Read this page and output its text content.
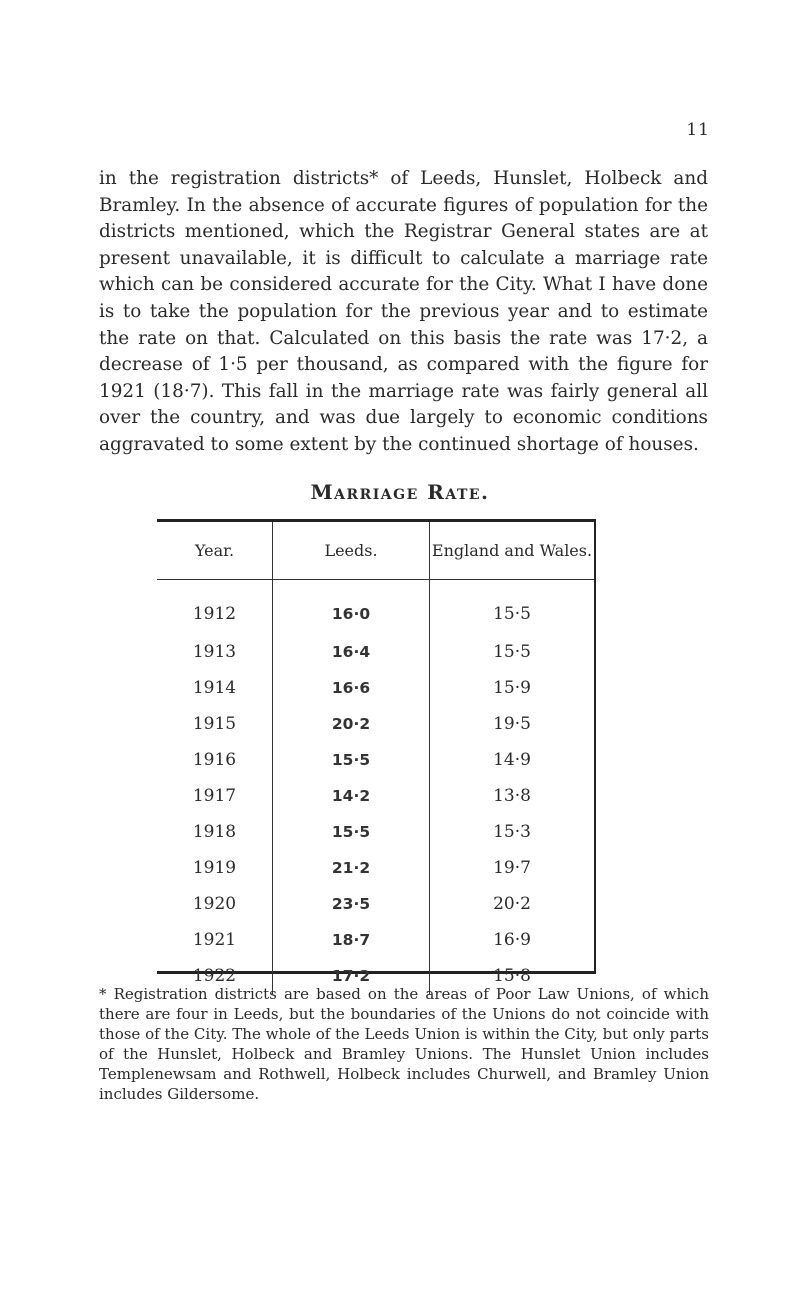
11

in the registration districts* of Leeds, Hunslet, Holbeck and Bramley. In the absence of accurate figures of population for the districts mentioned, which the Registrar General states are at present unavailable, it is difficult to calculate a marriage rate which can be considered accurate for the City. What I have done is to take the population for the previous year and to estimate the rate on that. Calculated on this basis the rate was 17·2, a decrease of 1·5 per thousand, as compared with the figure for 1921 (18·7). This fall in the marriage rate was fairly general all over the country, and was due largely to economic conditions aggravated to some extent by the continued shortage of houses.

Marriage Rate.
Year.	Leeds.	England and Wales.
1912	16·0	15·5
1913	16·4	15·5
1914	16·6	15·9
1915	20·2	19·5
1916	15·5	14·9
1917	14·2	13·8
1918	15·5	15·3
1919	21·2	19·7
1920	23·5	20·2
1921	18·7	16·9
1922	17·2	15·8

* Registration districts are based on the areas of Poor Law Unions, of which there are four in Leeds, but the boundaries of the Unions do not coincide with those of the City. The whole of the Leeds Union is within the City, but only parts of the Hunslet, Holbeck and Bramley Unions. The Hunslet Union includes Templenewsam and Rothwell, Holbeck includes Churwell, and Bramley Union includes Gildersome.
